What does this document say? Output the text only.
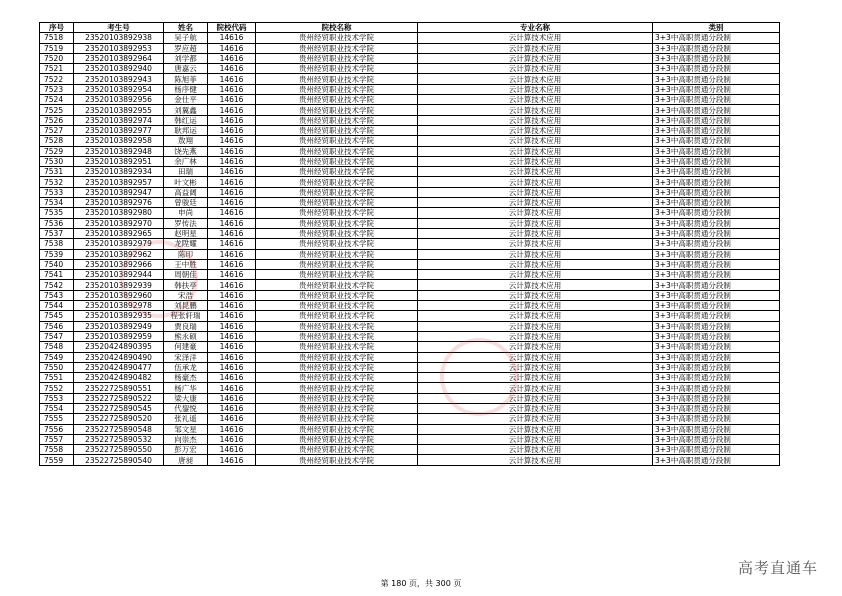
序号	考生号	姓名	院校代码	院校名称	专业名称	类别
7518	23520103892938	吴子航	14616	贵州经贸职业技术学院	云计算技术应用	3+3中高职贯通分段制
7519	23520103892953	罗应超	14616	贵州经贸职业技术学院	云计算技术应用	3+3中高职贯通分段制
7520	23520103892964	刘学都	14616	贵州经贸职业技术学院	云计算技术应用	3+3中高职贯通分段制
7521	23520103892940	唐嘉云	14616	贵州经贸职业技术学院	云计算技术应用	3+3中高职贯通分段制
7522	23520103892943	陈旭菲	14616	贵州经贸职业技术学院	云计算技术应用	3+3中高职贯通分段制
7523	23520103892954	杨序健	14616	贵州经贸职业技术学院	云计算技术应用	3+3中高职贯通分段制
7524	23520103892956	金仕平	14616	贵州经贸职业技术学院	云计算技术应用	3+3中高职贯通分段制
7525	23520103892955	刘翼鑫	14616	贵州经贸职业技术学院	云计算技术应用	3+3中高职贯通分段制
7526	23520103892974	韩红运	14616	贵州经贸职业技术学院	云计算技术应用	3+3中高职贯通分段制
7527	23520103892977	耿邦运	14616	贵州经贸职业技术学院	云计算技术应用	3+3中高职贯通分段制
7528	23520103892958	敖翔	14616	贵州经贸职业技术学院	云计算技术应用	3+3中高职贯通分段制
7529	23520103892948	饶先燕	14616	贵州经贸职业技术学院	云计算技术应用	3+3中高职贯通分段制
7530	23520103892951	余广林	14616	贵州经贸职业技术学院	云计算技术应用	3+3中高职贯通分段制
7531	23520103892934	田瑞	14616	贵州经贸职业技术学院	云计算技术应用	3+3中高职贯通分段制
7532	23520103892957	叶文彬	14616	贵州经贸职业技术学院	云计算技术应用	3+3中高职贯通分段制
7533	23520103892947	高益阔	14616	贵州经贸职业技术学院	云计算技术应用	3+3中高职贯通分段制
7534	23520103892976	曾骏廷	14616	贵州经贸职业技术学院	云计算技术应用	3+3中高职贯通分段制
7535	23520103892980	申尚	14616	贵州经贸职业技术学院	云计算技术应用	3+3中高职贯通分段制
7536	23520103892970	罗传法	14616	贵州经贸职业技术学院	云计算技术应用	3+3中高职贯通分段制
7537	23520103892965	赵明星	14616	贵州经贸职业技术学院	云计算技术应用	3+3中高职贯通分段制
7538	23520103892979	龙陞耀	14616	贵州经贸职业技术学院	云计算技术应用	3+3中高职贯通分段制
7539	23520103892962	陈印	14616	贵州经贸职业技术学院	云计算技术应用	3+3中高职贯通分段制
7540	23520103892966	王中胜	14616	贵州经贸职业技术学院	云计算技术应用	3+3中高职贯通分段制
7541	23520103892944	周朝佳	14616	贵州经贸职业技术学院	云计算技术应用	3+3中高职贯通分段制
7542	23520103892939	韩扶亭	14616	贵州经贸职业技术学院	云计算技术应用	3+3中高职贯通分段制
7543	23520103892960	宋浩	14616	贵州经贸职业技术学院	云计算技术应用	3+3中高职贯通分段制
7544	23520103892978	刘昆鹏	14616	贵州经贸职业技术学院	云计算技术应用	3+3中高职贯通分段制
7545	23520103892935	程张轩瑞	14616	贵州经贸职业技术学院	云计算技术应用	3+3中高职贯通分段制
7546	23520103892949	贾良瑞	14616	贵州经贸职业技术学院	云计算技术应用	3+3中高职贯通分段制
7547	23520103892959	熊永硕	14616	贵州经贸职业技术学院	云计算技术应用	3+3中高职贯通分段制
7548	23520424890395	何建豪	14616	贵州经贸职业技术学院	云计算技术应用	3+3中高职贯通分段制
7549	23520424890490	宋泽洋	14616	贵州经贸职业技术学院	云计算技术应用	3+3中高职贯通分段制
7550	23520424890477	伍承龙	14616	贵州经贸职业技术学院	云计算技术应用	3+3中高职贯通分段制
7551	23520424890482	杨豪杰	14616	贵州经贸职业技术学院	云计算技术应用	3+3中高职贯通分段制
7552	23522725890551	杨广华	14616	贵州经贸职业技术学院	云计算技术应用	3+3中高职贯通分段制
7553	23522725890522	梁大康	14616	贵州经贸职业技术学院	云计算技术应用	3+3中高职贯通分段制
7554	23522725890545	代鋆悦	14616	贵州经贸职业技术学院	云计算技术应用	3+3中高职贯通分段制
7555	23522725890520	张礼遥	14616	贵州经贸职业技术学院	云计算技术应用	3+3中高职贯通分段制
7556	23522725890548	邹文星	14616	贵州经贸职业技术学院	云计算技术应用	3+3中高职贯通分段制
7557	23522725890532	向崇杰	14616	贵州经贸职业技术学院	云计算技术应用	3+3中高职贯通分段制
7558	23522725890550	彭万宏	14616	贵州经贸职业技术学院	云计算技术应用	3+3中高职贯通分段制
7559	23522725890540	唐昶	14616	贵州经贸职业技术学院	云计算技术应用	3+3中高职贯通分段制
第 180 页，共 300 页
高考直通车
